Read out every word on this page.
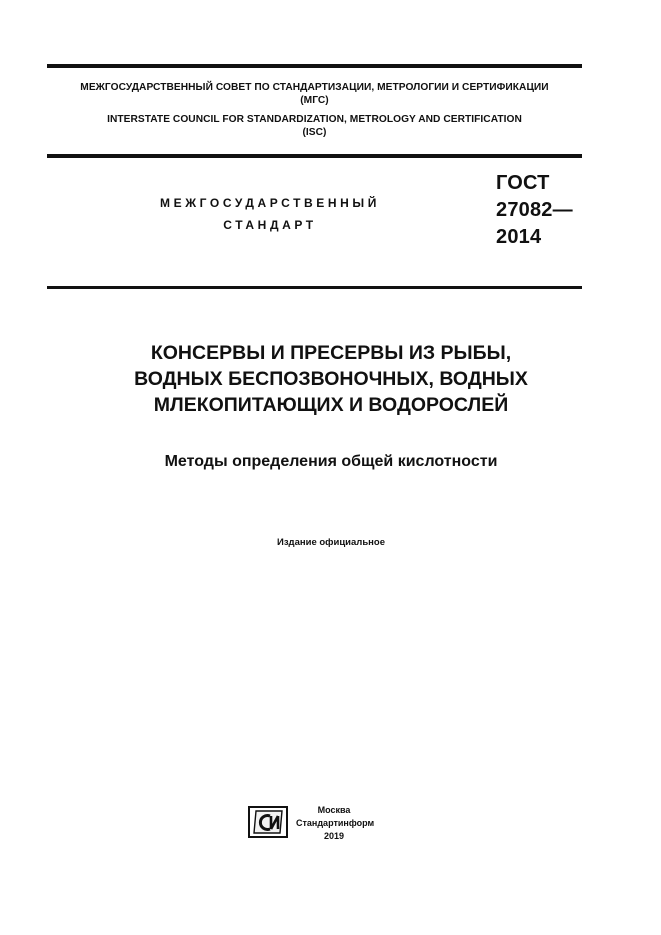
МЕЖГОСУДАРСТВЕННЫЙ СОВЕТ ПО СТАНДАРТИЗАЦИИ, МЕТРОЛОГИИ И СЕРТИФИКАЦИИ
(МГС)
INTERSTATE COUNCIL FOR STANDARDIZATION, METROLOGY AND CERTIFICATION
(ISC)
МЕЖГОСУДАРСТВЕННЫЙ
СТАНДАРТ
ГОСТ
27082—
2014
КОНСЕРВЫ И ПРЕСЕРВЫ ИЗ РЫБЫ,
ВОДНЫХ БЕСПОЗВОНОЧНЫХ, ВОДНЫХ
МЛЕКОПИТАЮЩИХ И ВОДОРОСЛЕЙ
Методы определения общей кислотности
Издание официальное
Москва
Стандартинформ
2019
